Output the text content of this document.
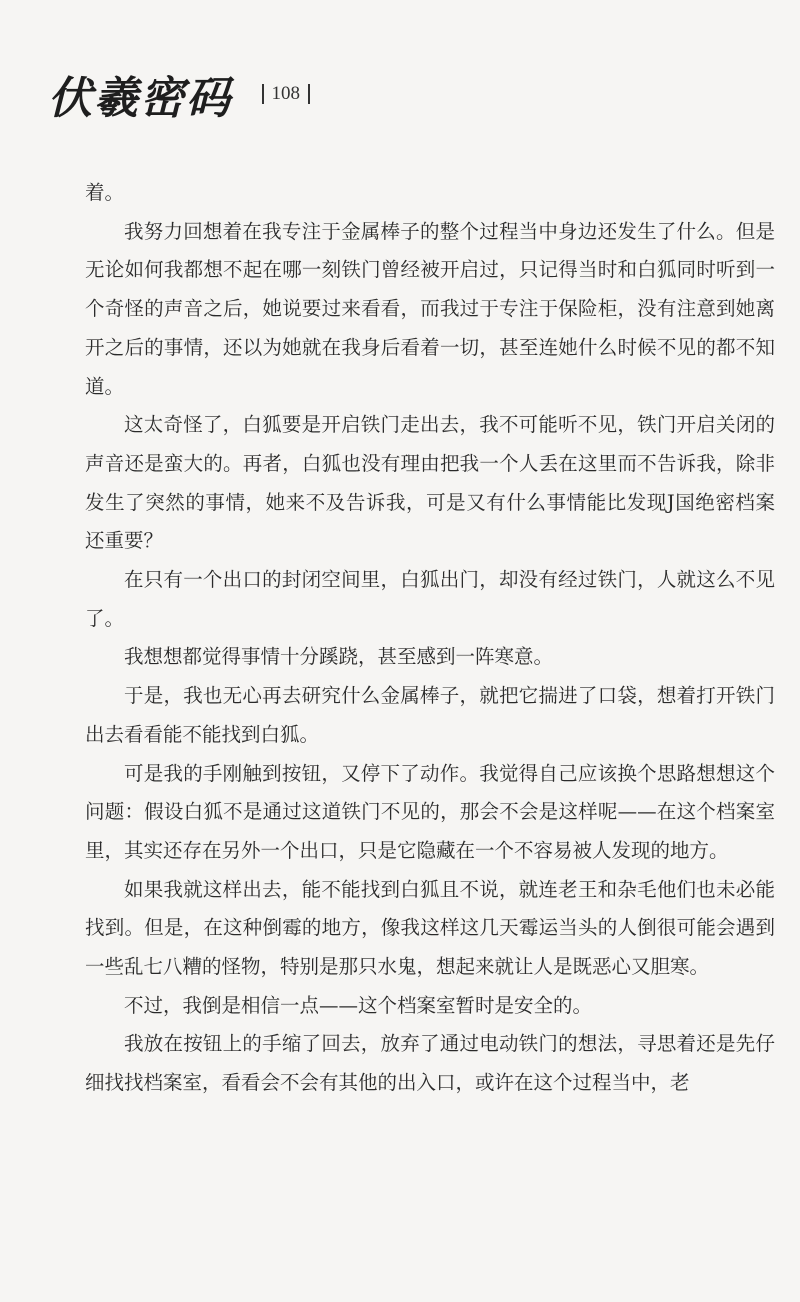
伏羲密码 108

着。

我努力回想着在我专注于金属棒子的整个过程当中身边还发生了什么。但是无论如何我都想不起在哪一刻铁门曾经被开启过，只记得当时和白狐同时听到一个奇怪的声音之后，她说要过来看看，而我过于专注于保险柜，没有注意到她离开之后的事情，还以为她就在我身后看着一切，甚至连她什么时候不见的都不知道。

这太奇怪了，白狐要是开启铁门走出去，我不可能听不见，铁门开启关闭的声音还是蛮大的。再者，白狐也没有理由把我一个人丢在这里而不告诉我，除非发生了突然的事情，她来不及告诉我，可是又有什么事情能比发现J国绝密档案还重要？

在只有一个出口的封闭空间里，白狐出门，却没有经过铁门，人就这么不见了。

我想想都觉得事情十分蹊跷，甚至感到一阵寒意。

于是，我也无心再去研究什么金属棒子，就把它揣进了口袋，想着打开铁门出去看看能不能找到白狐。

可是我的手刚触到按钮，又停下了动作。我觉得自己应该换个思路想想这个问题：假设白狐不是通过这道铁门不见的，那会不会是这样呢——在这个档案室里，其实还存在另外一个出口，只是它隐藏在一个不容易被人发现的地方。

如果我就这样出去，能不能找到白狐且不说，就连老王和杂毛他们也未必能找到。但是，在这种倒霉的地方，像我这样这几天霉运当头的人倒很可能会遇到一些乱七八糟的怪物，特别是那只水鬼，想起来就让人是既恶心又胆寒。

不过，我倒是相信一点——这个档案室暂时是安全的。

我放在按钮上的手缩了回去，放弃了通过电动铁门的想法，寻思着还是先仔细找找档案室，看看会不会有其他的出入口，或许在这个过程当中，老
